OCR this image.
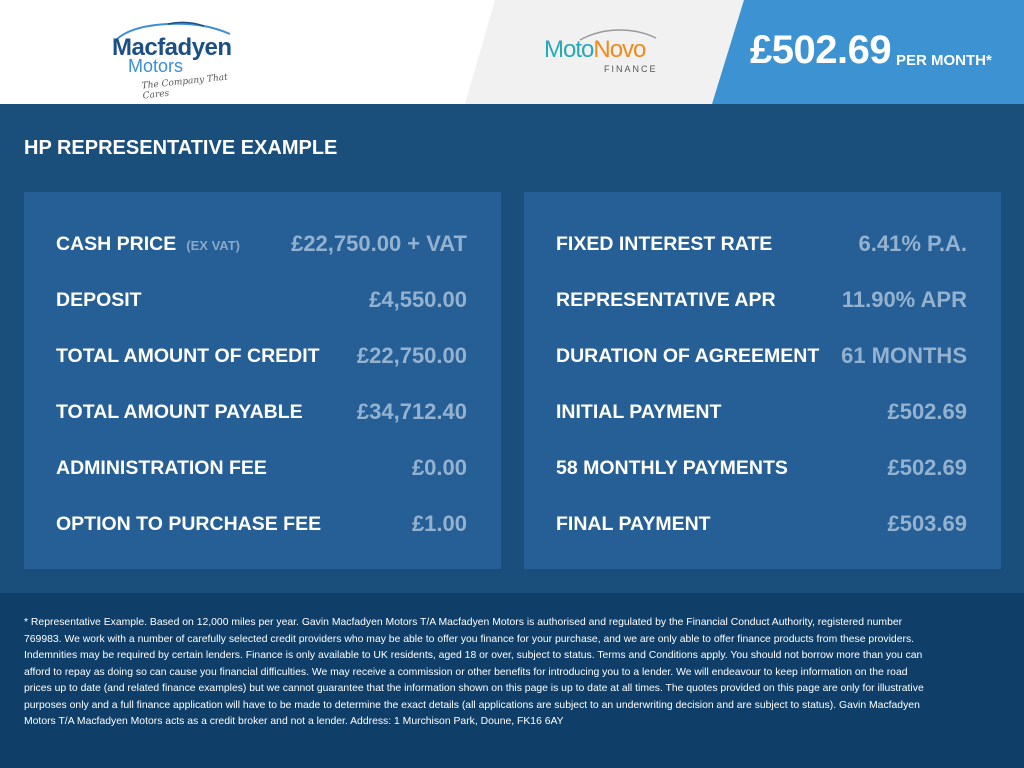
Macfadyen
Motors
The Company That Cares
MotoNovo
FINANCE £502.69 PER MONTH*
HP REPRESENTATIVE EXAMPLE
CASH PRICE (EX VAT) £22,750.00 + VAT
DEPOSIT	£4,550.00
TOTAL AMOUNT OF CREDIT £22,750.00
TOTAL AMOUNT PAYABLE £34,712.40
ADMINISTRATION FEE	£0.00
OPTION TO PURCHASE FEE	£1.00
FIXED INTEREST RATE	6.41% P.A.
REPRESENTATIVE APR	11.90% APR
DURATION OF AGREEMENT 61 MONTHS
INITIAL PAYMENT	£502.69
58 MONTHLY PAYMENTS	£502.69
FINAL PAYMENT	£503.69

* Representative Example. Based on 12,000 miles per year. Gavin Macfadyen Motors T/A Macfadyen Motors is authorised and regulated by the Financial Conduct Authority, registered number 769983. We work with a number of carefully selected credit providers who may be able to offer you finance for your purchase, and we are only able to offer finance products from these providers. Indemnities may be required by certain lenders. Finance is only available to UK residents, aged 18 or over, subject to status. Terms and Conditions apply. You should not borrow more than you can afford to repay as doing so can cause you financial difficulties. We may receive a commission or other benefits for introducing you to a lender. We will endeavour to keep information on the road prices up to date (and related finance examples) but we cannot guarantee that the information shown on this page is up to date at all times. The quotes provided on this page are only for illustrative purposes only and a full finance application will have to be made to determine the exact details (all applications are subject to an underwriting decision and are subject to status). Gavin Macfadyen Motors T/A Macfadyen Motors acts as a credit broker and not a lender. Address: 1 Murchison Park, Doune, FK16 6AY
